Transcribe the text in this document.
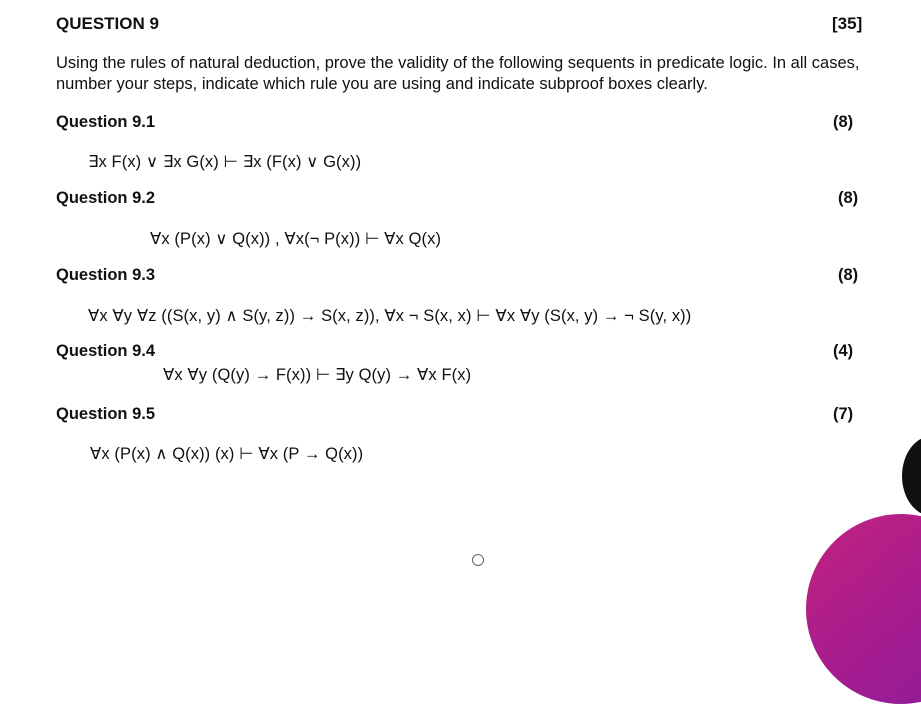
QUESTION 9	[35]
Using the rules of natural deduction, prove the validity of the following sequents in predicate logic. In all cases, number your steps, indicate which rule you are using and indicate subproof boxes clearly.
Question 9.1	(8)
∃x F(x) ∨ ∃x G(x) ⊢ ∃x (F(x) ∨ G(x))
Question 9.2	(8)
∀x (P(x) ∨ Q(x)) , ∀x(¬ P(x)) ⊢ ∀x Q(x)
Question 9.3	(8)
∀x ∀y ∀z ((S(x, y) ∧ S(y, z)) → S(x, z)), ∀x ¬ S(x, x) ⊢ ∀x ∀y (S(x, y) → ¬ S(y, x))
Question 9.4	(4)
∀x ∀y (Q(y) → F(x)) ⊢ ∃y Q(y) → ∀x F(x)
Question 9.5	(7)
∀x (P(x) ∧ Q(x)) (x) ⊢ ∀x (P → Q(x))
